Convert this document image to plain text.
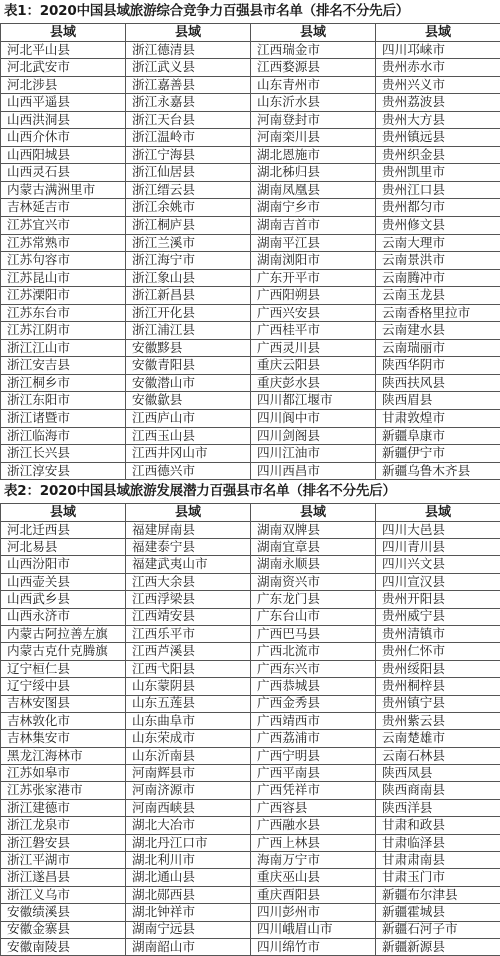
表1：2020中国县域旅游综合竞争力百强县市名单（排名不分先后）
县域	县域	县域	县域
河北平山县	浙江德清县	江西瑞金市	四川邛崃市
河北武安市	浙江武义县	江西婺源县	贵州赤水市
河北涉县	浙江嘉善县	山东青州市	贵州兴义市
山西平遥县	浙江永嘉县	山东沂水县	贵州荔波县
山西洪洞县	浙江天台县	河南登封市	贵州大方县
山西介休市	浙江温岭市	河南栾川县	贵州镇远县
山西阳城县	浙江宁海县	湖北恩施市	贵州织金县
山西灵石县	浙江仙居县	湖北秭归县	贵州凯里市
内蒙古满洲里市	浙江缙云县	湖南凤凰县	贵州江口县
吉林延吉市	浙江余姚市	湖南宁乡市	贵州都匀市
江苏宜兴市	浙江桐庐县	湖南吉首市	贵州修文县
江苏常熟市	浙江兰溪市	湖南平江县	云南大理市
江苏句容市	浙江海宁市	湖南浏阳市	云南景洪市
江苏昆山市	浙江象山县	广东开平市	云南腾冲市
江苏溧阳市	浙江新昌县	广西阳朔县	云南玉龙县
江苏东台市	浙江开化县	广西兴安县	云南香格里拉市
江苏江阴市	浙江浦江县	广西桂平市	云南建水县
浙江江山市	安徽黟县	广西灵川县	云南瑞丽市
浙江安吉县	安徽青阳县	重庆云阳县	陕西华阴市
浙江桐乡市	安徽潜山市	重庆彭水县	陕西扶风县
浙江东阳市	安徽歙县	四川都江堰市	陕西眉县
浙江诸暨市	江西庐山市	四川阆中市	甘肃敦煌市
浙江临海市	江西玉山县	四川剑阁县	新疆阜康市
浙江长兴县	江西井冈山市	四川江油市	新疆伊宁市
浙江淳安县	江西德兴市	四川西昌市	新疆乌鲁木齐县
表2：2020中国县域旅游发展潜力百强县市名单（排名不分先后）
县域	县域	县域	县域
河北迁西县	福建屏南县	湖南双牌县	四川大邑县
河北易县	福建泰宁县	湖南宜章县	四川青川县
山西汾阳市	福建武夷山市	湖南永顺县	四川兴文县
山西壶关县	江西大余县	湖南资兴市	四川宣汉县
山西武乡县	江西浮梁县	广东龙门县	贵州开阳县
山西永济市	江西靖安县	广东台山市	贵州威宁县
内蒙古阿拉善左旗	江西乐平市	广西巴马县	贵州清镇市
内蒙古克什克腾旗	江西芦溪县	广西北流市	贵州仁怀市
辽宁桓仁县	江西弋阳县	广西东兴市	贵州绥阳县
辽宁绥中县	山东蒙阴县	广西恭城县	贵州桐梓县
吉林安图县	山东五莲县	广西金秀县	贵州镇宁县
吉林敦化市	山东曲阜市	广西靖西市	贵州紫云县
吉林集安市	山东荣成市	广西荔浦市	云南楚雄市
黑龙江海林市	山东沂南县	广西宁明县	云南石林县
江苏如皋市	河南辉县市	广西平南县	陕西凤县
江苏张家港市	河南济源市	广西凭祥市	陕西商南县
浙江建德市	河南西峡县	广西容县	陕西洋县
浙江龙泉市	湖北大冶市	广西融水县	甘肃和政县
浙江磐安县	湖北丹江口市	广西上林县	甘肃临泽县
浙江平湖市	湖北利川市	海南万宁市	甘肃肃南县
浙江遂昌县	湖北通山县	重庆巫山县	甘肃玉门市
浙江义乌市	湖北郧西县	重庆酉阳县	新疆布尔津县
安徽绩溪县	湖北钟祥市	四川彭州市	新疆霍城县
安徽金寨县	湖南宁远县	四川峨眉山市	新疆石河子市
安徽南陵县	湖南韶山市	四川绵竹市	新疆新源县
